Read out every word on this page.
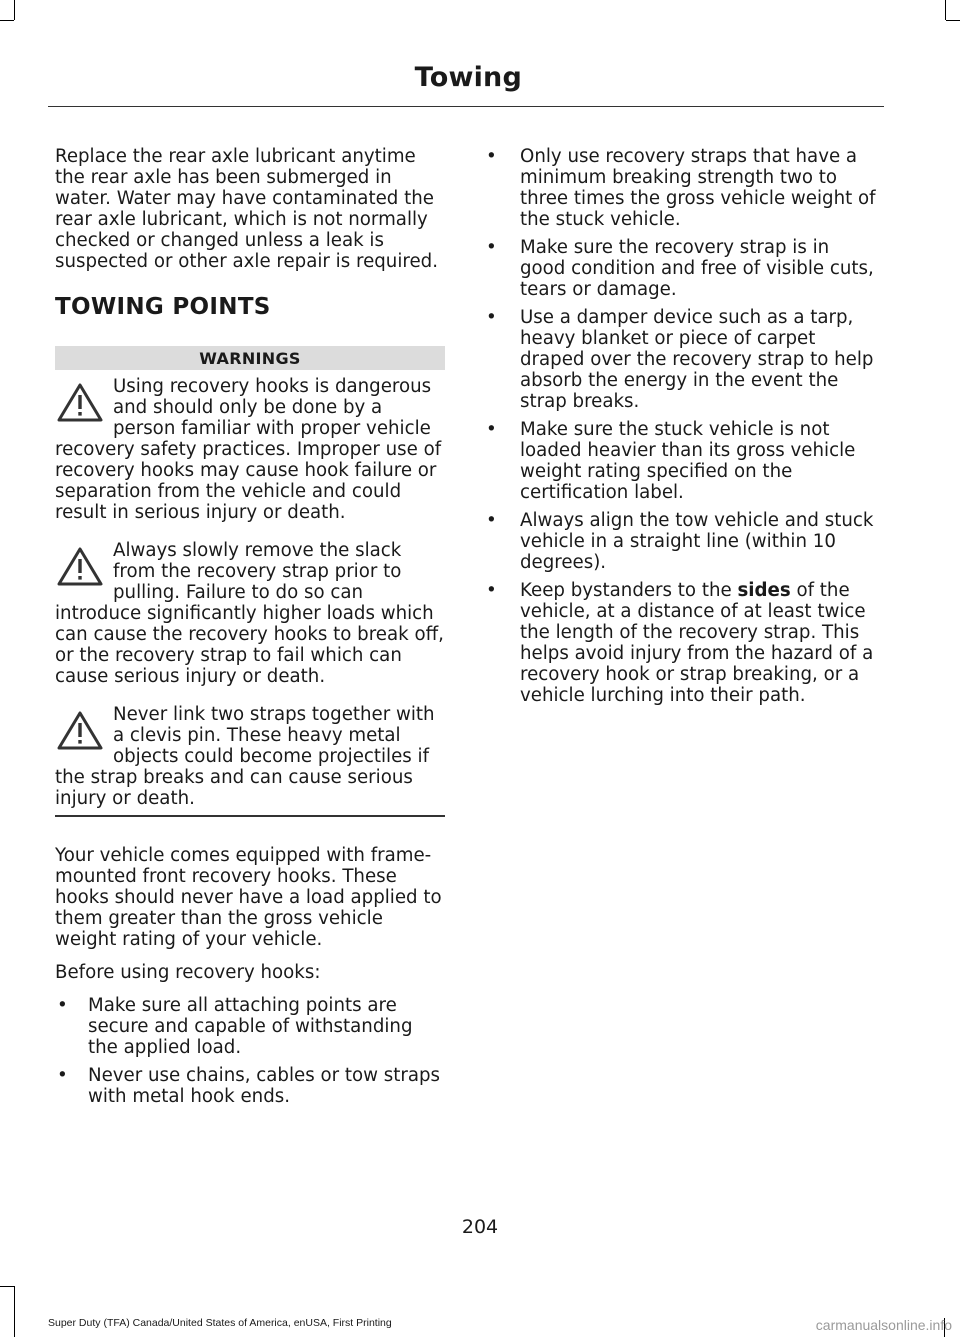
Towing

Replace the rear axle lubricant anytime the rear axle has been submerged in water. Water may have contaminated the rear axle lubricant, which is not normally checked or changed unless a leak is suspected or other axle repair is required.

TOWING POINTS
WARNINGS

Using recovery hooks is dangerous and should only be done by a person familiar with proper vehicle recovery safety practices. Improper use of recovery hooks may cause hook failure or separation from the vehicle and could result in serious injury or death.

Always slowly remove the slack from the recovery strap prior to pulling. Failure to do so can introduce significantly higher loads which can cause the recovery hooks to break off, or the recovery strap to fail which can cause serious injury or death.

Never link two straps together with a clevis pin. These heavy metal objects could become projectiles if the strap breaks and can cause serious injury or death.

Your vehicle comes equipped with frame-mounted front recovery hooks. These hooks should never have a load applied to them greater than the gross vehicle weight rating of your vehicle.

Before using recovery hooks:

• Make sure all attaching points are secure and capable of withstanding the applied load.
• Never use chains, cables or tow straps with metal hook ends.
• Only use recovery straps that have a minimum breaking strength two to three times the gross vehicle weight of the stuck vehicle.
• Make sure the recovery strap is in good condition and free of visible cuts, tears or damage.
• Use a damper device such as a tarp, heavy blanket or piece of carpet draped over the recovery strap to help absorb the energy in the event the strap breaks.
• Make sure the stuck vehicle is not loaded heavier than its gross vehicle weight rating specified on the certification label.
• Always align the tow vehicle and stuck vehicle in a straight line (within 10 degrees).
• Keep bystanders to the sides of the vehicle, at a distance of at least twice the length of the recovery strap. This helps avoid injury from the hazard of a recovery hook or strap breaking, or a vehicle lurching into their path.

204

Super Duty (TFA) Canada/United States of America, enUSA, First Printing	carmanualsonline.info
